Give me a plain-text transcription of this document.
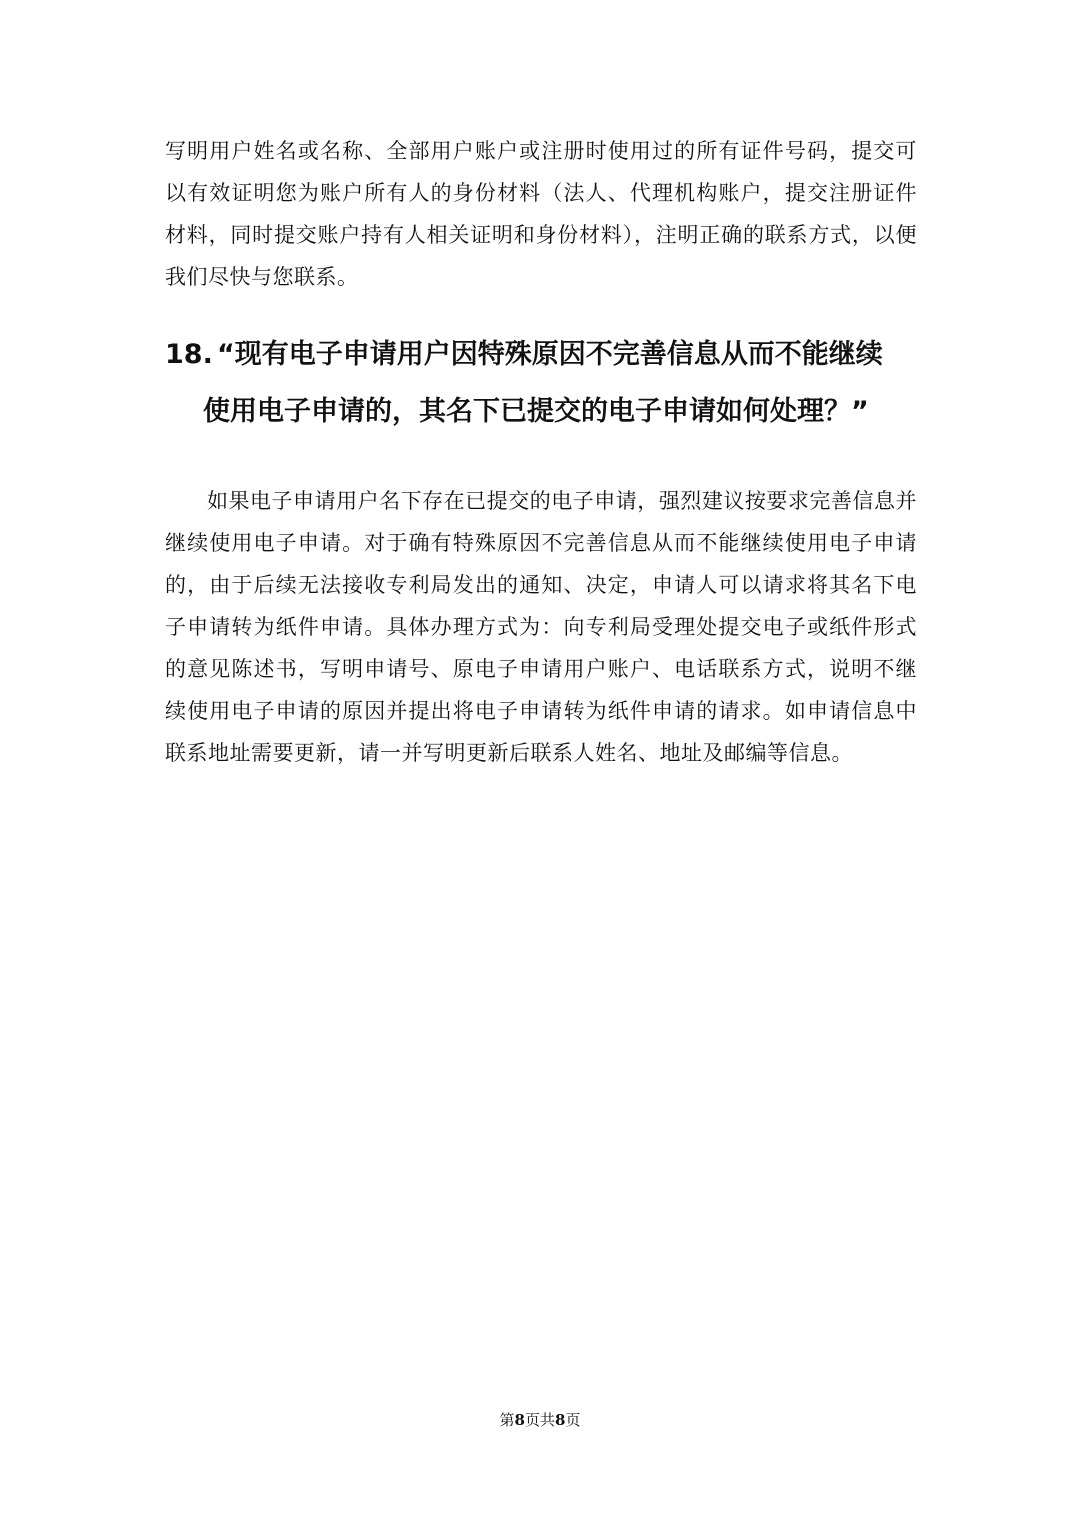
写明用户姓名或名称、全部用户账户或注册时使用过的所有证件号码，提交可以有效证明您为账户所有人的身份材料（法人、代理机构账户，提交注册证件材料，同时提交账户持有人相关证明和身份材料），注明正确的联系方式，以便我们尽快与您联系。

18. “现有电子申请用户因特殊原因不完善信息从而不能继续
使用电子申请的，其名下已提交的电子申请如何处理？”

如果电子申请用户名下存在已提交的电子申请，强烈建议按要求完善信息并继续使用电子申请。对于确有特殊原因不完善信息从而不能继续使用电子申请的，由于后续无法接收专利局发出的通知、决定，申请人可以请求将其名下电子申请转为纸件申请。具体办理方式为：向专利局受理处提交电子或纸件形式的意见陈述书，写明申请号、原电子申请用户账户、电话联系方式，说明不继续使用电子申请的原因并提出将电子申请转为纸件申请的请求。如申请信息中联系地址需要更新，请一并写明更新后联系人姓名、地址及邮编等信息。

第8页共8页
